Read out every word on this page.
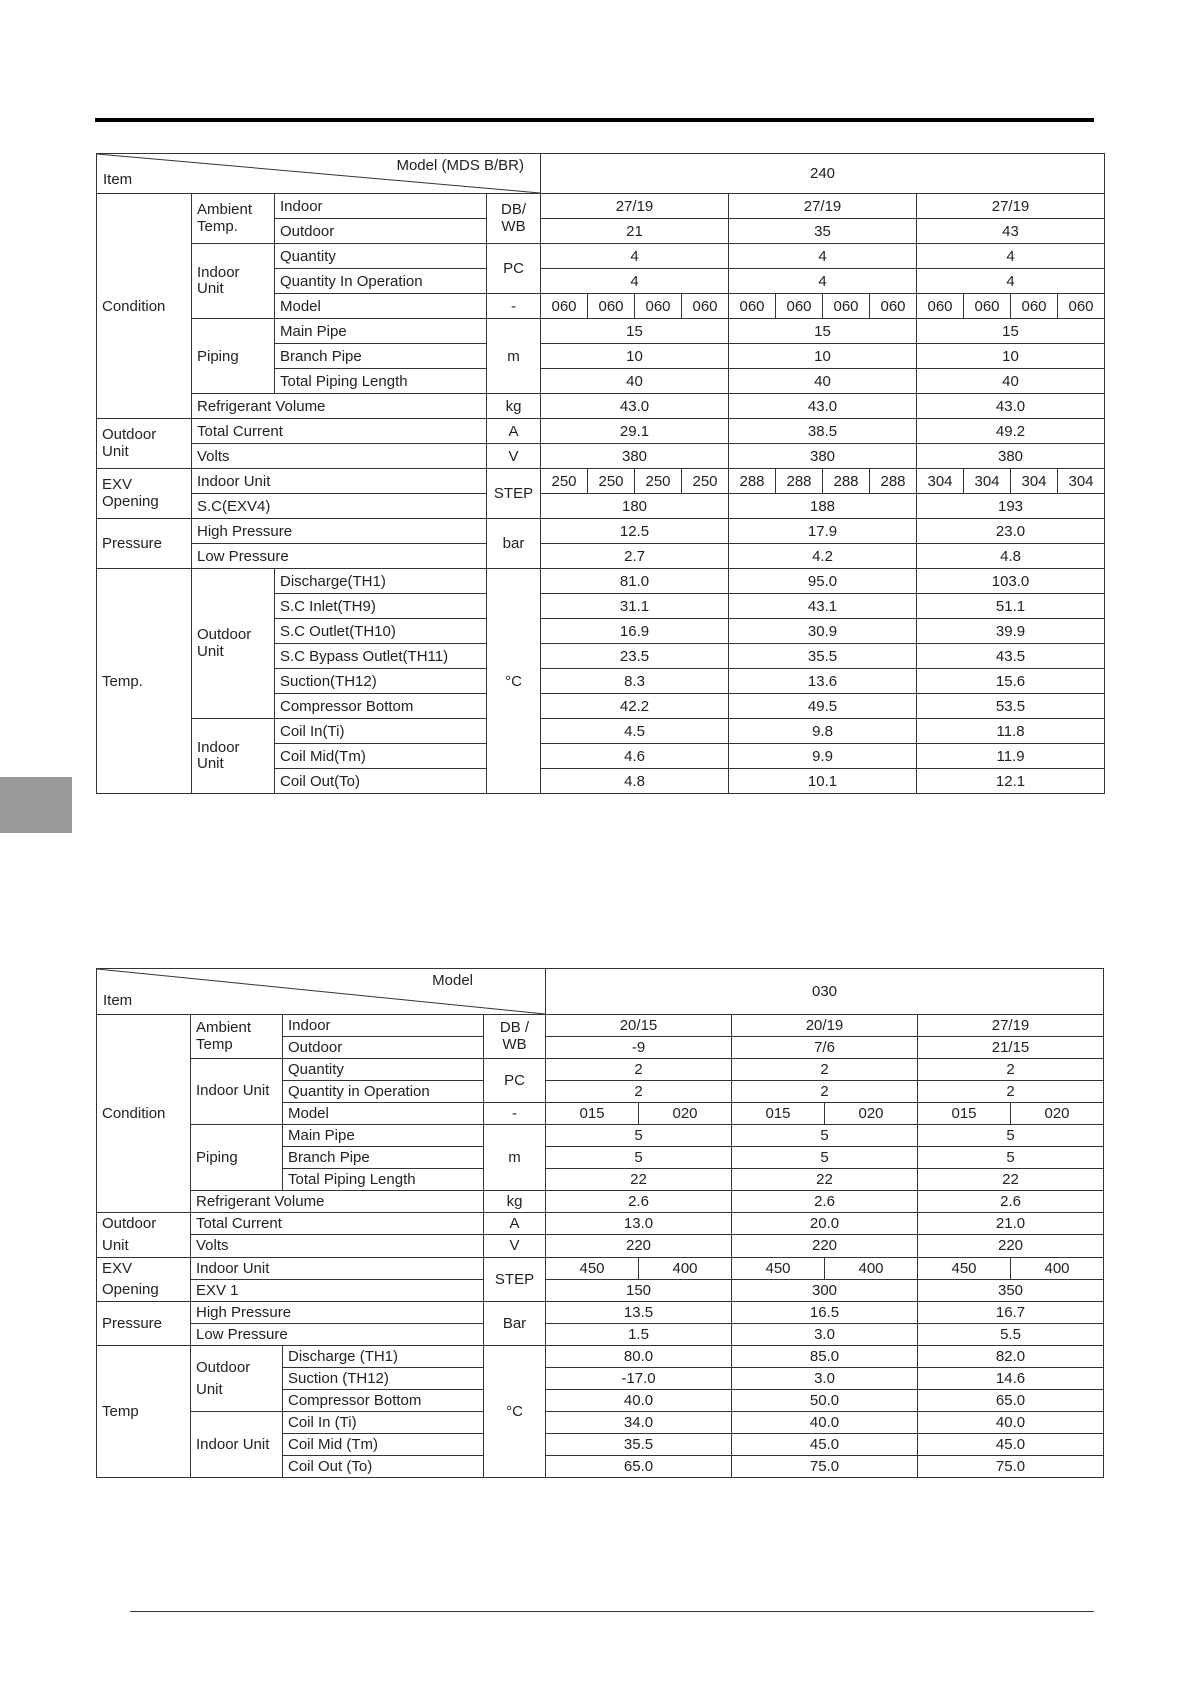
Model (MDS B/BR)
Item				240											
Condition	Ambient Temp.	Indoor	DB/ WB	27/19				27/19				27/19			
		Outdoor		21				35				43			
	Indoor Unit	Quantity	PC	4				4				4			
		Quantity In Operation		4				4				4			
		Model	-	060	060	060	060	060	060	060	060	060	060	060	060
	Piping	Main Pipe	m	15				15				15			
		Branch Pipe		10				10				10			
		Total Piping Length		40				40				40			
	Refrigerant Volume		kg	43.0				43.0				43.0			
Outdoor Unit	Total Current		A	29.1				38.5				49.2			
	Volts		V	380				380				380			
EXV Opening	Indoor Unit		STEP	250	250	250	250	288	288	288	288	304	304	304	304
	S.C(EXV4)			180				188				193			
Pressure	High Pressure		bar	12.5				17.9				23.0			
	Low Pressure			2.7				4.2				4.8			
Temp.	Outdoor Unit	Discharge(TH1)	°C	81.0				95.0				103.0			
		S.C Inlet(TH9)		31.1				43.1				51.1			
		S.C Outlet(TH10)		16.9				30.9				39.9			
		S.C Bypass Outlet(TH11)		23.5				35.5				43.5			
		Suction(TH12)		8.3				13.6				15.6			
		Compressor Bottom		42.2				49.5				53.5			
	Indoor Unit	Coil In(Ti)		4.5				9.8				11.8			
		Coil Mid(Tm)		4.6				9.9				11.9			
		Coil Out(To)		4.8				10.1				12.1			
Model
Item				030					
Condition	Ambient Temp	Indoor	DB / WB	20/15		20/19		27/19	
		Outdoor		-9		7/6		21/15	
	Indoor Unit	Quantity	PC	2		2		2	
		Quantity in Operation		2		2		2	
		Model	-	015	020	015	020	015	020
	Piping	Main Pipe	m	5		5		5	
		Branch Pipe		5		5		5	
		Total Piping Length		22		22		22	
	Refrigerant Volume		kg	2.6		2.6		2.6	
Outdoor Unit	Total Current		A	13.0		20.0		21.0	
	Volts		V	220		220		220	
EXV Opening	Indoor Unit		STEP	450	400	450	400	450	400
	EXV 1			150		300		350	
Pressure	High Pressure		Bar	13.5		16.5		16.7	
	Low Pressure			1.5		3.0		5.5	
Temp	Outdoor Unit	Discharge (TH1)	°C	80.0		85.0		82.0	
		Suction (TH12)		-17.0		3.0		14.6	
		Compressor Bottom		40.0		50.0		65.0	
	Indoor Unit	Coil In (Ti)		34.0		40.0		40.0	
		Coil Mid (Tm)		35.5		45.0		45.0	
		Coil Out (To)		65.0		75.0		75.0	
